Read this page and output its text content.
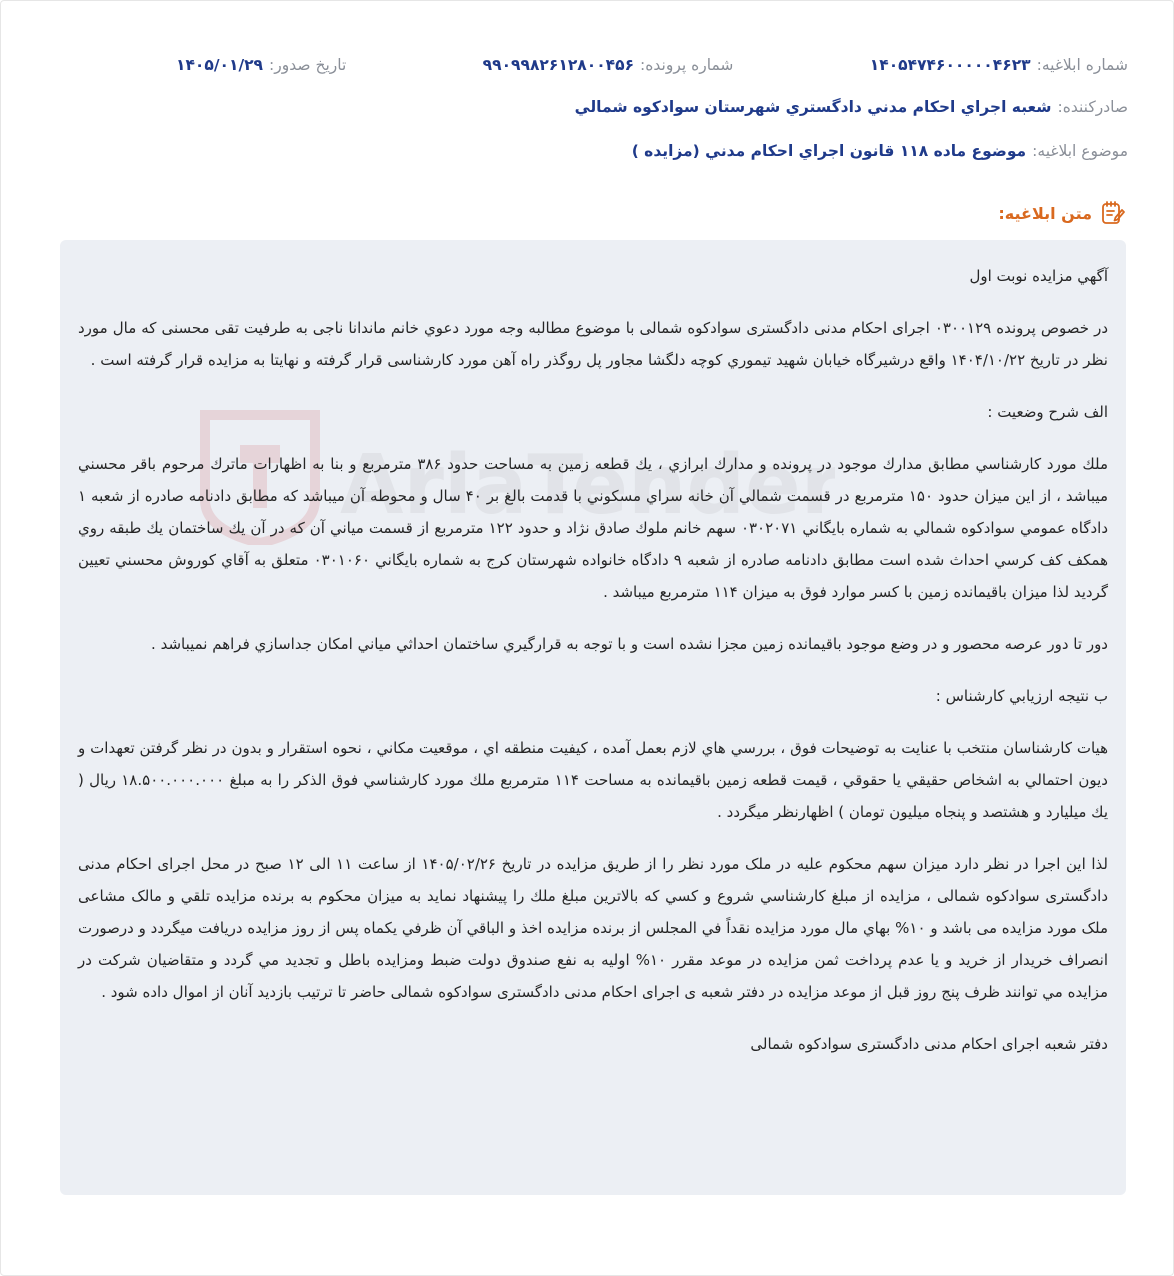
شماره ابلاغيه:
۱۴۰۵۴۷۴۶۰۰۰۰۰۴۶۲۳
شماره پرونده:
۹۹۰۹۹۸۲۶۱۲۸۰۰۴۵۶
تاريخ صدور:
۱۴۰۵/۰۱/۲۹
صادرکننده:
شعبه اجراي احكام مدني دادگستري شهرستان سوادكوه شمالي
موضوع ابلاغيه:
موضوع ماده ۱۱۸ قانون اجراي احكام مدني (مزايده )
متن ابلاغيه:
AriaTender

آگهي مزايده نوبت اول

در خصوص پرونده ۰۳۰۰۱۲۹ اجرای احکام مدنی دادگستری سوادکوه شمالی با موضوع مطالبه وجه مورد دعوي خانم ماندانا ناجی به طرفيت تقی محسنی که مال مورد نظر در تاريخ ۱۴۰۴/۱۰/۲۲ واقع درشيرگاه خيابان شهيد تيموري كوچه دلگشا مجاور پل روگذر راه آهن مورد کارشناسی قرار گرفته و نهایتا به مزایده قرار گرفته است .

الف شرح وضعيت :

ملك مورد كارشناسي مطابق مدارك موجود در پرونده و مدارك ابرازي ، يك قطعه زمين به مساحت حدود ۳۸۶ مترمربع و بنا به اظهارات ماترك مرحوم باقر محسني ميباشد ، از اين ميزان حدود ۱۵۰ مترمربع در قسمت شمالي آن خانه سراي مسكوني با قدمت بالغ بر ۴۰ سال و محوطه آن ميباشد كه مطابق دادنامه صادره از شعبه ۱ دادگاه عمومي سوادكوه شمالي به شماره بايگاني ۰۳۰۲۰۷۱ سهم خانم ملوك صادق نژاد و حدود ۱۲۲ مترمربع از قسمت مياني آن كه در آن يك ساختمان يك طبقه روي همكف كف كرسي احداث شده است مطابق دادنامه صادره از شعبه ۹ دادگاه خانواده شهرستان كرج به شماره بايگاني ۰۳۰۱۰۶۰ متعلق به آقاي كوروش محسني تعيين گرديد لذا ميزان باقيمانده زمين با كسر موارد فوق به ميزان ۱۱۴ مترمربع ميباشد .

دور تا دور عرصه محصور و در وضع موجود باقيمانده زمين مجزا نشده است و با توجه به قرارگيري ساختمان احداثي مياني امكان جداسازي فراهم نميباشد .

ب نتيجه ارزيابي كارشناس :

هيات كارشناسان منتخب با عنايت به توضيحات فوق ، بررسي هاي لازم بعمل آمده ، كيفيت منطقه اي ، موقعيت مكاني ، نحوه استقرار و بدون در نظر گرفتن تعهدات و ديون احتمالي به اشخاص حقيقي يا حقوقي ، قيمت قطعه زمين باقيمانده به مساحت ۱۱۴ مترمربع ملك مورد كارشناسي فوق الذكر را به مبلغ ۱۸.۵۰۰.۰۰۰.۰۰۰ ريال ( يك ميليارد و هشتصد و پنجاه ميليون تومان ) اظهارنظر ميگردد .

لذا این اجرا در نظر دارد میزان سهم محکوم علیه در ملک مورد نظر را از طریق مزایده در تاریخ ۱۴۰۵/۰۲/۲۶ از ساعت ۱۱ الی ۱۲ صبح در محل اجرای احکام مدنی دادگستری سوادکوه شمالی ، مزايده از مبلغ كارشناسي شروع و كسي كه بالاترين مبلغ ملك را پيشنهاد نمايد به ميزان محكوم به برنده مزايده تلقي و مالک مشاعی ملک مورد مزایده می باشد و ۱۰% بهاي مال مورد مزايده نقداً في المجلس از برنده مزايده اخذ و الباقي آن ظرفي يكماه پس از روز مزايده دريافت ميگردد و درصورت انصراف خريدار از خريد و يا عدم پرداخت ثمن مزايده در موعد مقرر ۱۰% اوليه به نفع صندوق دولت ضبط ومزايده باطل و تجديد مي گردد و متقاضيان شركت در مزايده مي توانند ظرف پنج روز قبل از موعد مزايده در دفتر شعبه ی اجرای احکام مدنی دادگستری سوادکوه شمالی حاضر تا ترتيب بازديد آنان از اموال داده شود .

دفتر شعبه اجرای احکام مدنی دادگستری سوادکوه شمالی
